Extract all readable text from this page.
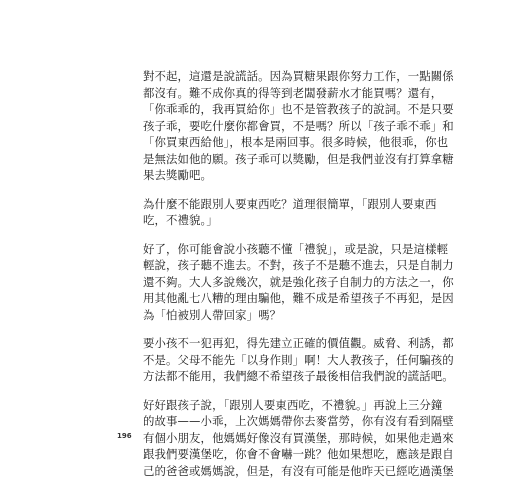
對不起，這還是說謊話。因為買糖果跟你努力工作，一點關係
都沒有。難不成你真的得等到老闆發薪水才能買嗎？還有，
「你乖乖的，我再買給你」也不是管教孩子的說詞。不是只要
孩子乖，要吃什麼你都會買，不是嗎？所以「孩子乖不乖」和
「你買東西給他」，根本是兩回事。很多時候，他很乖，你也
是無法如他的願。孩子乖可以獎勵，但是我們並沒有打算拿糖
果去獎勵吧。
為什麼不能跟別人要東西吃？道理很簡單，「跟別人要東西
吃，不禮貌。」
好了，你可能會說小孩聽不懂「禮貌」，或是說，只是這樣輕
輕說，孩子聽不進去。不對，孩子不是聽不進去，只是自制力
還不夠。大人多說幾次，就是強化孩子自制力的方法之一，你
用其他亂七八糟的理由騙他，難不成是希望孩子不再犯，是因
為「怕被別人帶回家」嗎？
要小孩不一犯再犯，得先建立正確的價值觀。威脅、利誘，都
不是。父母不能先「以身作則」啊！大人教孩子，任何騙孩的
方法都不能用，我們總不希望孩子最後相信我們說的謊話吧。
好好跟孩子說，「跟別人要東西吃，不禮貌。」再說上三分鐘
的故事——小乖，上次媽媽帶你去麥當勞，你有沒有看到隔壁
有個小朋友，他媽媽好像沒有買漢堡，那時候，如果他走過來
跟我們要漢堡吃，你會不會嚇一跳？他如果想吃，應該是跟自
己的爸爸或媽媽說，但是，有沒有可能是他昨天已經吃過漢堡
196
